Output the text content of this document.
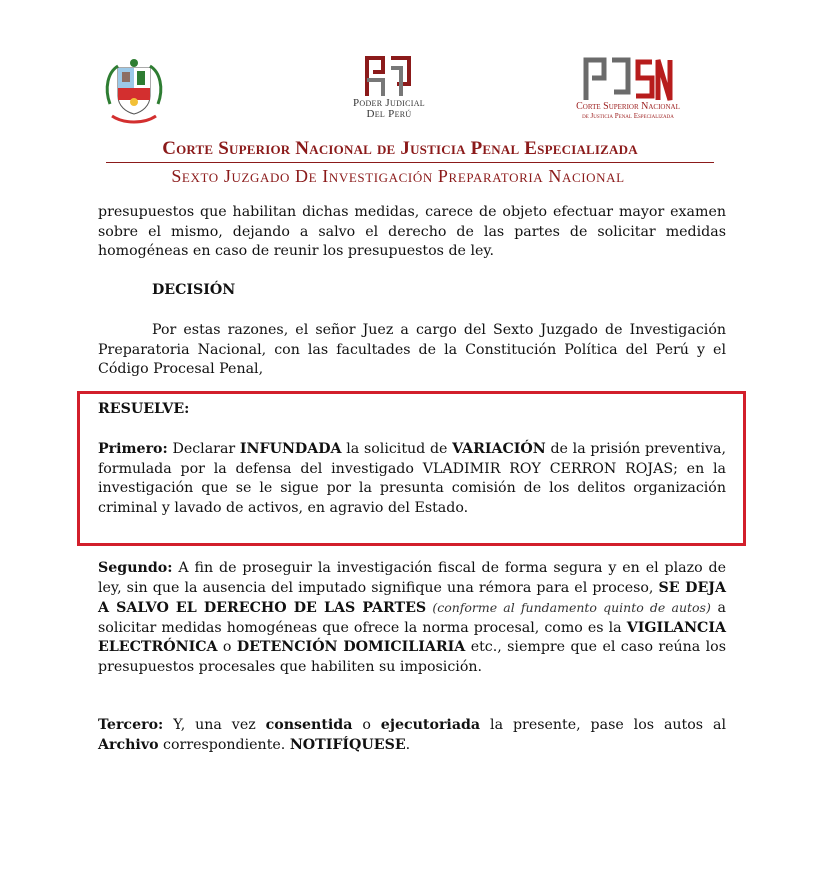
Poder Judicial
Del Perú
Corte Superior Nacional
de Justicia Penal Especializada
Corte Superior Nacional de Justicia Penal Especializada
Sexto Juzgado De Investigación Preparatoria Nacional

presupuestos que habilitan dichas medidas, carece de objeto efectuar mayor examen sobre el mismo, dejando a salvo el derecho de las partes de solicitar medidas homogéneas en caso de reunir los presupuestos de ley.

DECISIÓN

Por estas razones, el señor Juez a cargo del Sexto Juzgado de Investigación Preparatoria Nacional, con las facultades de la Constitución Política del Perú y el Código Procesal Penal,

RESUELVE:

Primero: Declarar INFUNDADA la solicitud de VARIACIÓN de la prisión preventiva, formulada por la defensa del investigado VLADIMIR ROY CERRON ROJAS; en la investigación que se le sigue por la presunta comisión de los delitos organización criminal y lavado de activos, en agravio del Estado.

Segundo: A fin de proseguir la investigación fiscal de forma segura y en el plazo de ley, sin que la ausencia del imputado signifique una rémora para el proceso, SE DEJA A SALVO EL DERECHO DE LAS PARTES (conforme al fundamento quinto de autos) a solicitar medidas homogéneas que ofrece la norma procesal, como es la VIGILANCIA ELECTRÓNICA o DETENCIÓN DOMICILIARIA etc., siempre que el caso reúna los presupuestos procesales que habiliten su imposición.

Tercero: Y, una vez consentida o ejecutoriada la presente, pase los autos al Archivo correspondiente. NOTIFÍQUESE.
